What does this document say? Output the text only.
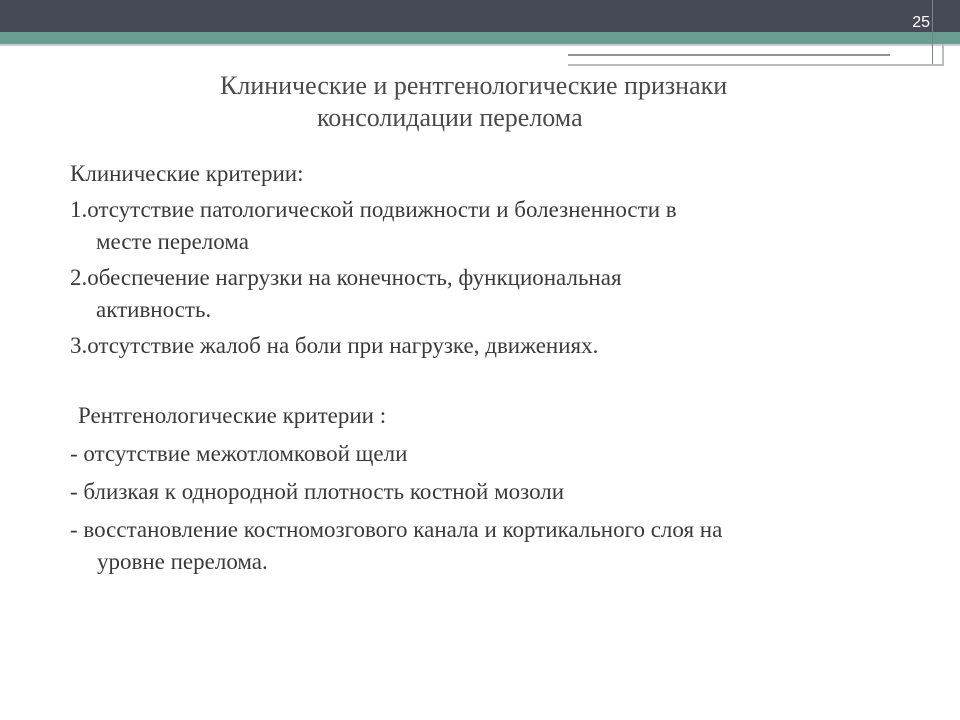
25
Клинические и рентгенологические признаки
консолидации перелома
Клинические критерии:
1.отсутствие патологической подвижности и болезненности в
месте перелома
2.обеспечение нагрузки на конечность, функциональная
активность.
3.отсутствие жалоб на боли при нагрузке, движениях.
Рентгенологические критерии :
- отсутствие межотломковой щели
- близкая к однородной плотность костной мозоли
- восстановление костномозгового канала и кортикального слоя на
уровне перелома.
